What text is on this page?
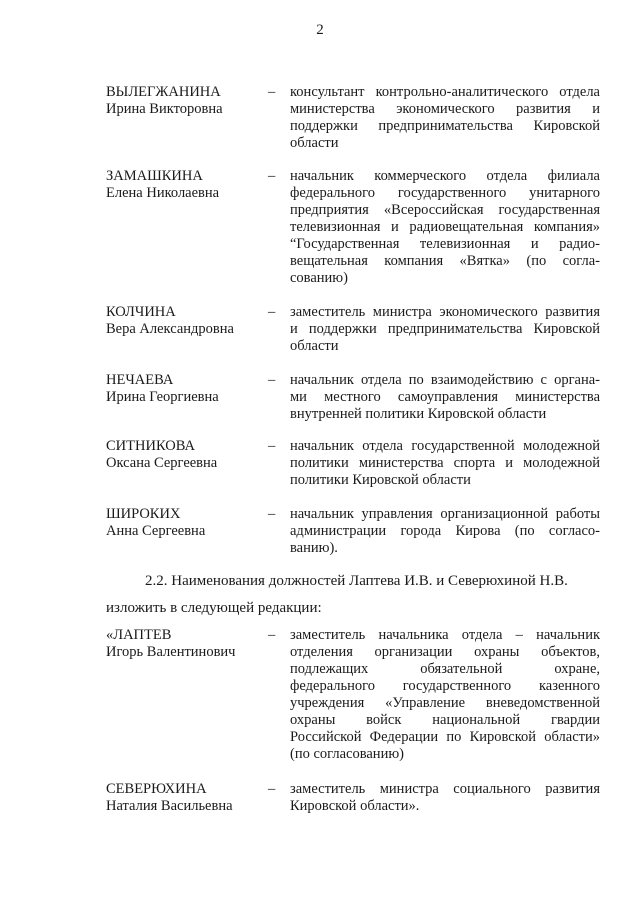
2
ВЫЛЕГЖАНИНА
Ирина Викторовна
– консультант контрольно-аналитического отдела
министерства экономического развития и
поддержки предпринимательства Кировской
области
ЗАМАШКИНА
Елена Николаевна
– начальник коммерческого отдела филиала
федерального государственного унитарного
предприятия «Всероссийская государственная
телевизионная и радиовещательная компания»
“Государственная телевизионная и радио-
вещательная компания «Вятка» (по согла-
сованию)
КОЛЧИНА
Вера Александровна
– заместитель министра экономического развития
и поддержки предпринимательства Кировской
области
НЕЧАЕВА
Ирина Георгиевна
– начальник отдела по взаимодействию с органа-
ми местного самоуправления министерства
внутренней политики Кировской области
СИТНИКОВА
Оксана Сергеевна
– начальник отдела государственной молодежной
политики министерства спорта и молодежной
политики Кировской области
ШИРОКИХ
Анна Сергеевна
– начальник управления организационной работы
администрации города Кирова (по согласо-
ванию).
2.2. Наименования должностей Лаптева И.В. и Северюхиной Н.В.
изложить в следующей редакции:
«ЛАПТЕВ
Игорь Валентинович
– заместитель начальника отдела – начальник
отделения организации охраны объектов,
подлежащих обязательной охране,
федерального государственного казенного
учреждения «Управление вневедомственной
охраны войск национальной гвардии
Российской Федерации по Кировской области»
(по согласованию)
СЕВЕРЮХИНА
Наталия Васильевна
– заместитель министра социального развития
Кировской области».
